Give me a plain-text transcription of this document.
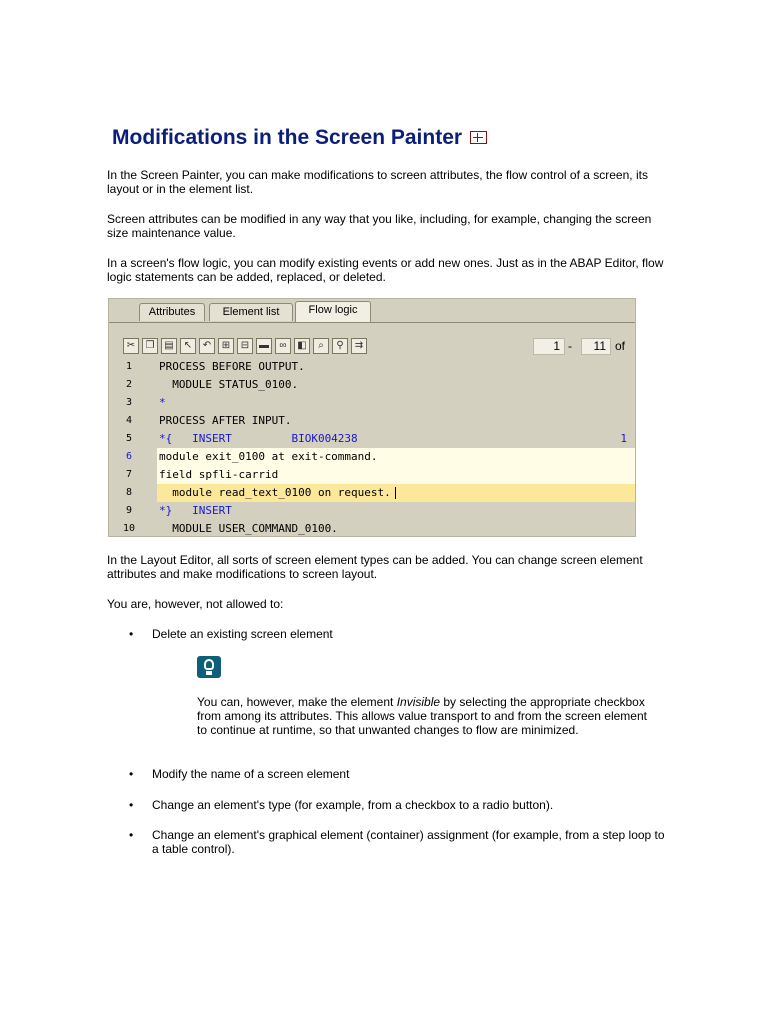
Modifications in the Screen Painter

In the Screen Painter, you can make modifications to screen attributes, the flow control of a screen, its layout or in the element list.

Screen attributes can be modified in any way that you like, including, for example, changing the screen size maintenance value.

In a screen's flow logic, you can modify existing events or add new ones. Just as in the ABAP Editor, flow logic statements can be added, replaced, or deleted.

Attributes	Element list	Flow logic
✂	❐ ▤	↖	↶	⊞	⊟ ▬	∞	◧	⌕	⚲	⇉	1 -	11 of
1	PROCESS BEFORE OUTPUT.
2	MODULE STATUS_0100.
3	*
4	PROCESS AFTER INPUT.
5	*{   INSERT         BIOK004238	1
6	module exit_0100 at exit-command.
7	field spfli-carrid
8	module read_text_0100 on request.
9	*}   INSERT
10	MODULE USER_COMMAND_0100.

In the Layout Editor, all sorts of screen element types can be added. You can change screen element attributes and make modifications to screen layout.

You are, however, not allowed to:

•	Delete an existing screen element

You can, however, make the element Invisible by selecting the appropriate checkbox from among its attributes. This allows value transport to and from the screen element to continue at runtime, so that unwanted changes to flow are minimized.

•	Modify the name of a screen element
•	Change an element's type (for example, from a checkbox to a radio button).
•	Change an element's graphical element (container) assignment (for example, from a step loop to a table control).
